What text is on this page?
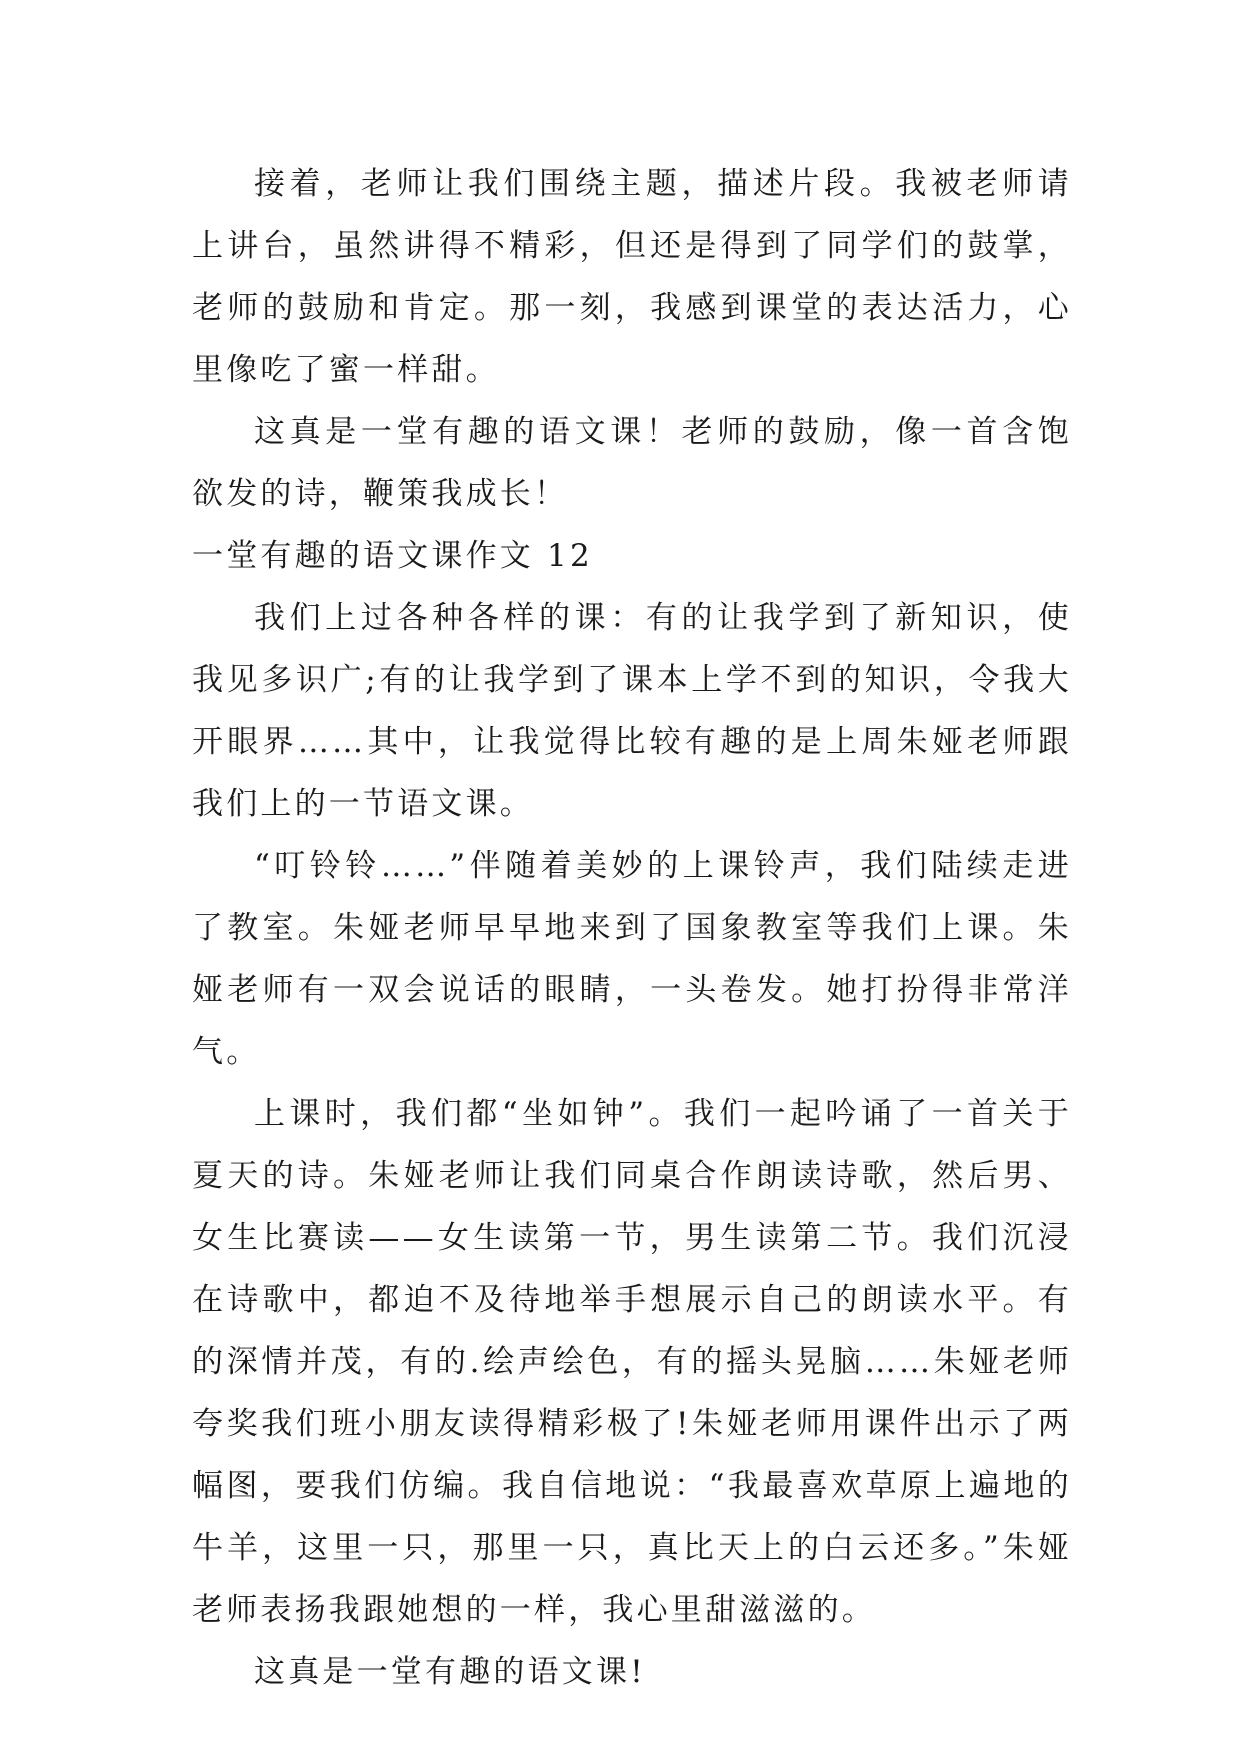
接着，老师让我们围绕主题，描述片段。我被老师请上讲台，虽然讲得不精彩，但还是得到了同学们的鼓掌，老师的鼓励和肯定。那一刻，我感到课堂的表达活力，心里像吃了蜜一样甜。

这真是一堂有趣的语文课！老师的鼓励，像一首含饱欲发的诗，鞭策我成长！

一堂有趣的语文课作文 12

我们上过各种各样的课：有的让我学到了新知识，使我见多识广;有的让我学到了课本上学不到的知识，令我大开眼界……其中，让我觉得比较有趣的是上周朱娅老师跟我们上的一节语文课。

“叮铃铃……”伴随着美妙的上课铃声，我们陆续走进了教室。朱娅老师早早地来到了国象教室等我们上课。朱娅老师有一双会说话的眼睛，一头卷发。她打扮得非常洋气。

上课时，我们都“坐如钟”。我们一起吟诵了一首关于夏天的诗。朱娅老师让我们同桌合作朗读诗歌，然后男、女生比赛读——女生读第一节，男生读第二节。我们沉浸在诗歌中，都迫不及待地举手想展示自己的朗读水平。有的深情并茂，有的.绘声绘色，有的摇头晃脑……朱娅老师夸奖我们班小朋友读得精彩极了!朱娅老师用课件出示了两幅图，要我们仿编。我自信地说：“我最喜欢草原上遍地的牛羊，这里一只，那里一只，真比天上的白云还多。”朱娅老师表扬我跟她想的一样，我心里甜滋滋的。

这真是一堂有趣的语文课!
